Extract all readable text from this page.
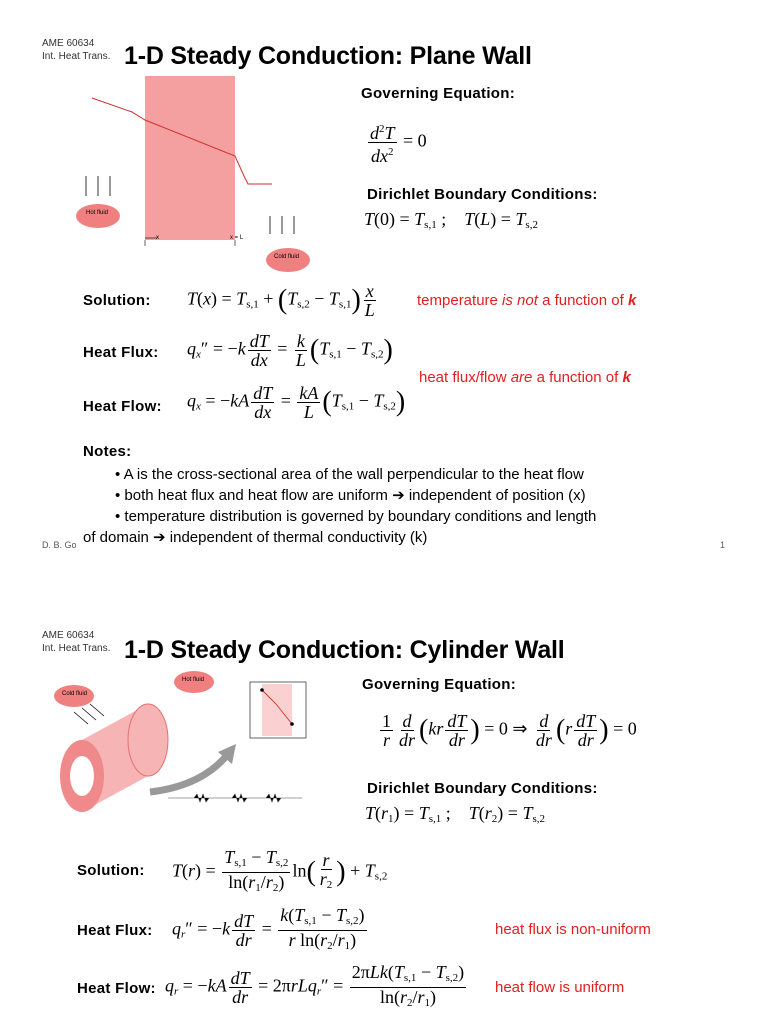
AME 60634
Int. Heat Trans. 1-D Steady Conduction: Plane Wall
Hot fluid
Cold fluid
x	x = L
Governing Equation:
$\frac{d^2T}{dx^2} = 0$
Dirichlet Boundary Conditions:
$T(0) = T_{s,1}$ ;    $T(L) = T_{s,2}$
Solution: $T(x) = T_{s,1} + (T_{s,2} - T_{s,1}) \frac{x}{L}$	temperature is not a function of k
Heat Flux: $q_x'' = -k \frac{dT}{dx} = \frac{k}{L} (T_{s,1} - T_{s,2})$
heat flux/flow are a function of k
Heat Flow: $q_x = -kA \frac{dT}{dx} = \frac{kA}{L} (T_{s,1} - T_{s,2})$
Notes:
• A is the cross-sectional area of the wall perpendicular to the heat flow
• both heat flux and heat flow are uniform ➔ independent of position (x)
• temperature distribution is governed by boundary conditions and length
of domain ➔ independent of thermal conductivity (k)
D. B. Go	1
AME 60634
Int. Heat Trans. 1-D Steady Conduction: Cylinder Wall
Cold fluid
Hot fluid	Governing Equation:
$\frac{1}{r} \frac{d}{dr} (kr \frac{dT}{dr}$ ) = 0 ⇒ $\frac{d}{dr} (r \frac{dT}{dr}$ ) = 0
Dirichlet Boundary Conditions:
$T(r_1) = T_{s,1}$ ;    $T(r_2) = T_{s,2}$
Solution: $T(r) = \frac{T_{s,1} - T_{s,2}}{\ln(r_1/r_2)} \ln( \frac{r}{r_2}$ ) + $T_{s,2}$
Heat Flux: $q_r'' = -k \frac{dT}{dr} = \frac{k(T_{s,1} - T_{s,2})}{r \ln(r_2/r_1)}$	heat flux is non-uniform
Heat Flow: $q_r = -kA \frac{dT}{dr} = 2\pi rLq_r'' = \frac{2\pi Lk(T_{s,1} - T_{s,2})}{\ln(r_2/r_1)}$ heat flow is uniform
